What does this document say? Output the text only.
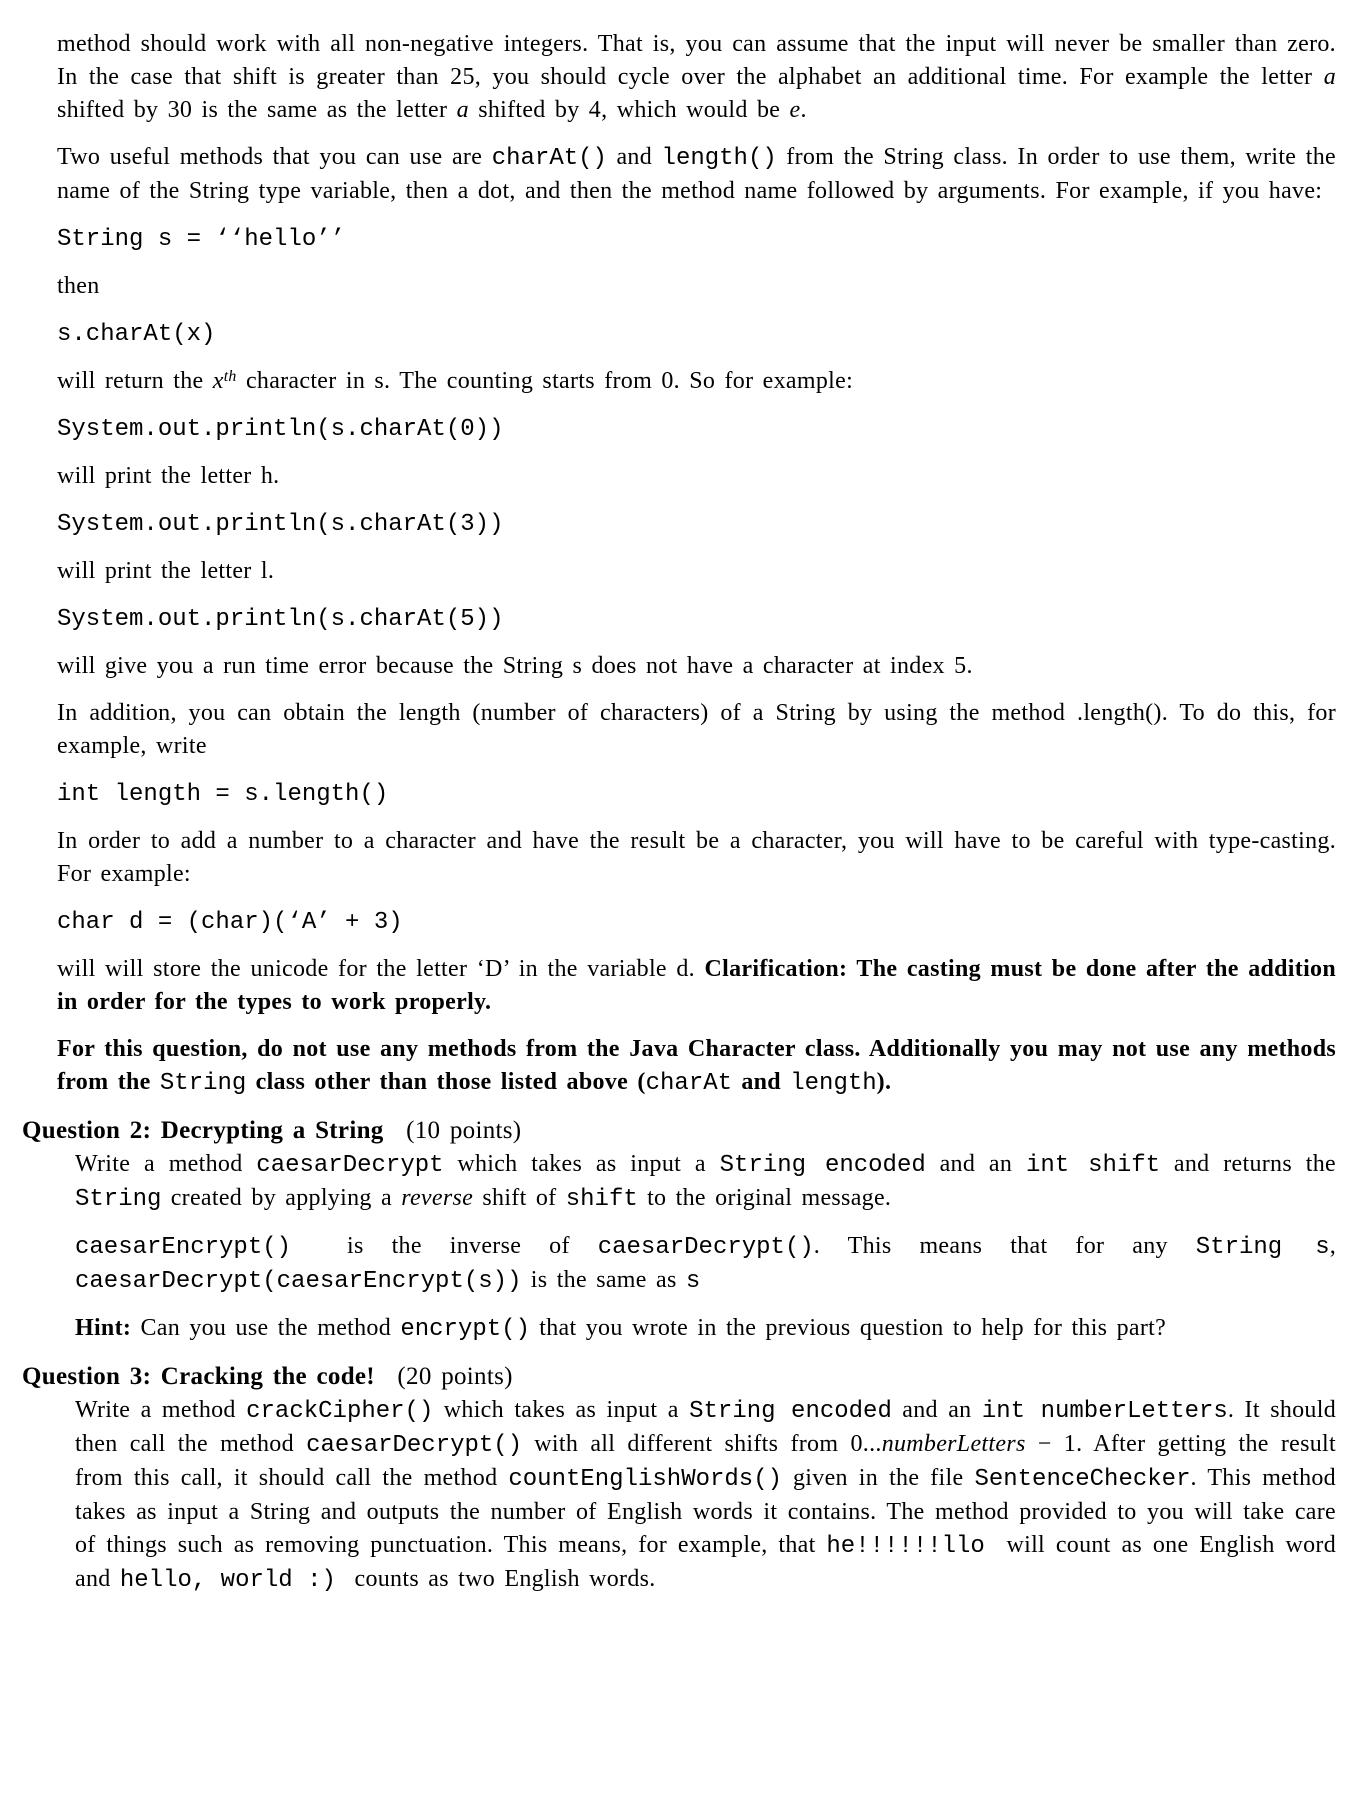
method should work with all non-negative integers. That is, you can assume that the input will never be smaller than zero. In the case that shift is greater than 25, you should cycle over the alphabet an additional time. For example the letter a shifted by 30 is the same as the letter a shifted by 4, which would be e.
Two useful methods that you can use are charAt() and length() from the String class. In order to use them, write the name of the String type variable, then a dot, and then the method name followed by arguments. For example, if you have:
String s = ‘‘hello’’
then
s.charAt(x)
will return the $x^{th}$ character in s. The counting starts from 0. So for example:
System.out.println(s.charAt(0))
will print the letter h.
System.out.println(s.charAt(3))
will print the letter l.
System.out.println(s.charAt(5))
will give you a run time error because the String s does not have a character at index 5.
In addition, you can obtain the length (number of characters) of a String by using the method .length(). To do this, for example, write
int length = s.length()
In order to add a number to a character and have the result be a character, you will have to be careful with type-casting. For example:
char d = (char)(‘A’ + 3)
will will store the unicode for the letter ‘D’ in the variable d. Clarification: The casting must be done after the addition in order for the types to work properly.
For this question, do not use any methods from the Java Character class. Additionally you may not use any methods from the String class other than those listed above (charAt and length).
Question 2: Decrypting a String (10 points)
Write a method caesarDecrypt which takes as input a String encoded and an int shift and returns the String created by applying a reverse shift of shift to the original message.
caesarEncrypt()  is the inverse of caesarDecrypt(). This means that for any String s, caesarDecrypt(caesarEncrypt(s)) is the same as s
Hint: Can you use the method encrypt() that you wrote in the previous question to help for this part?
Question 3: Cracking the code! (20 points)
Write a method crackCipher() which takes as input a String encoded and an int numberLetters. It should then call the method caesarDecrypt() with all different shifts from 0...numberLetters − 1. After getting the result from this call, it should call the method countEnglishWords() given in the file SentenceChecker. This method takes as input a String and outputs the number of English words it contains. The method provided to you will take care of things such as removing punctuation. This means, for example, that he!!!!!!llo  will count as one English word and hello, world :)  counts as two English words.
